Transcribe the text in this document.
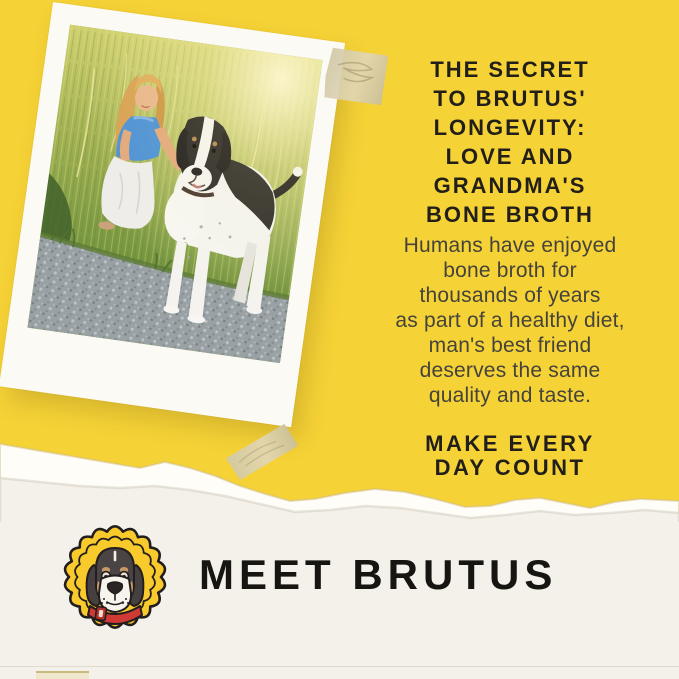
THE SECRET
TO BRUTUS'
LONGEVITY:
LOVE AND
GRANDMA'S
BONE BROTH
Humans have enjoyed
bone broth for
thousands of years
as part of a healthy diet,
man's best friend
deserves the same
quality and taste.
MAKE EVERY
DAY COUNT
MEET BRUTUS
